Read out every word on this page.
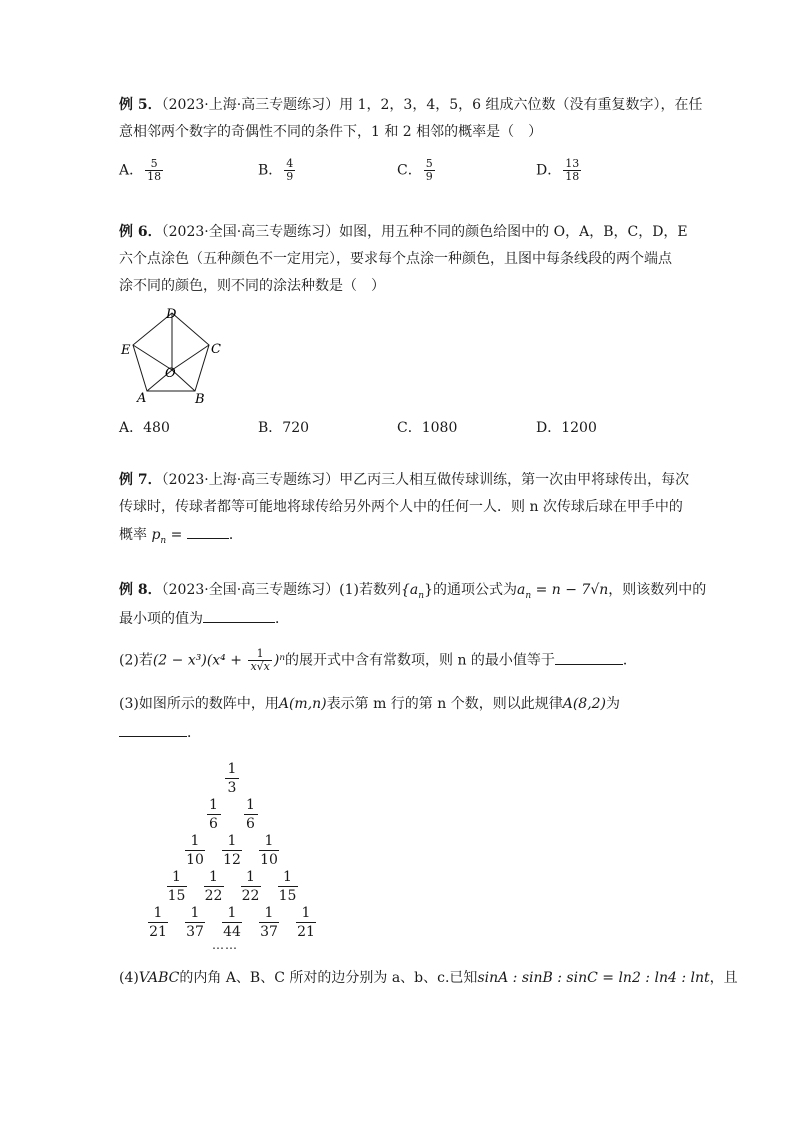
例 5．（2023·上海·高三专题练习）用 1，2，3，4，5，6 组成六位数（没有重复数字），在任
意相邻两个数字的奇偶性不同的条件下，1 和 2 相邻的概率是（　）
A． $\frac{5}{18}$	B． $\frac{4}{9}$	C． $\frac{5}{9}$	D． $\frac{13}{18}$
例 6．（2023·全国·高三专题练习）如图，用五种不同的颜色给图中的 O，A，B，C，D，E
六个点涂色（五种颜色不一定用完），要求每个点涂一种颜色，且图中每条线段的两个端点
涂不同的颜色，则不同的涂法种数是（　）
D
E	C
O
A	B
A．480	B．720	C．1080	D．1200
例 7．（2023·上海·高三专题练习）甲乙丙三人相互做传球训练，第一次由甲将球传出，每次
传球时，传球者都等可能地将球传给另外两个人中的任何一人．则 n 次传球后球在甲手中的
概率 $p_n$ =	．
例 8．（2023·全国·高三专题练习）(1)若数列$\{a_n\}$的通项公式为$a_n = n - 7√n$，则该数列中的
最小项的值为	．
(2)若$(2 - x^3)(x^4 + \frac{1}{x√x} )^n$的展开式中含有常数项，则 n 的最小值等于	．
(3)如图所示的数阵中，用A(m,n)表示第 m 行的第 n 个数，则以此规律A(8,2)为
．
$\frac{1}{3}$
$\frac{1}{6}$
$\frac{1}{6}$
$\frac{1}{10}$
$\frac{1}{12}$
$\frac{1}{10}$
$\frac{1}{15}$
$\frac{1}{22}$
$\frac{1}{22}$
$\frac{1}{15}$
$\frac{1}{21}$
$\frac{1}{37}$
$\frac{1}{44}$
$\frac{1}{37}$
$\frac{1}{21}$
……
(4)VABC的内角 A、B、C 所对的边分别为 a、b、c.已知sinA : sinB : sinC = ln2 : ln4 : lnt，且
